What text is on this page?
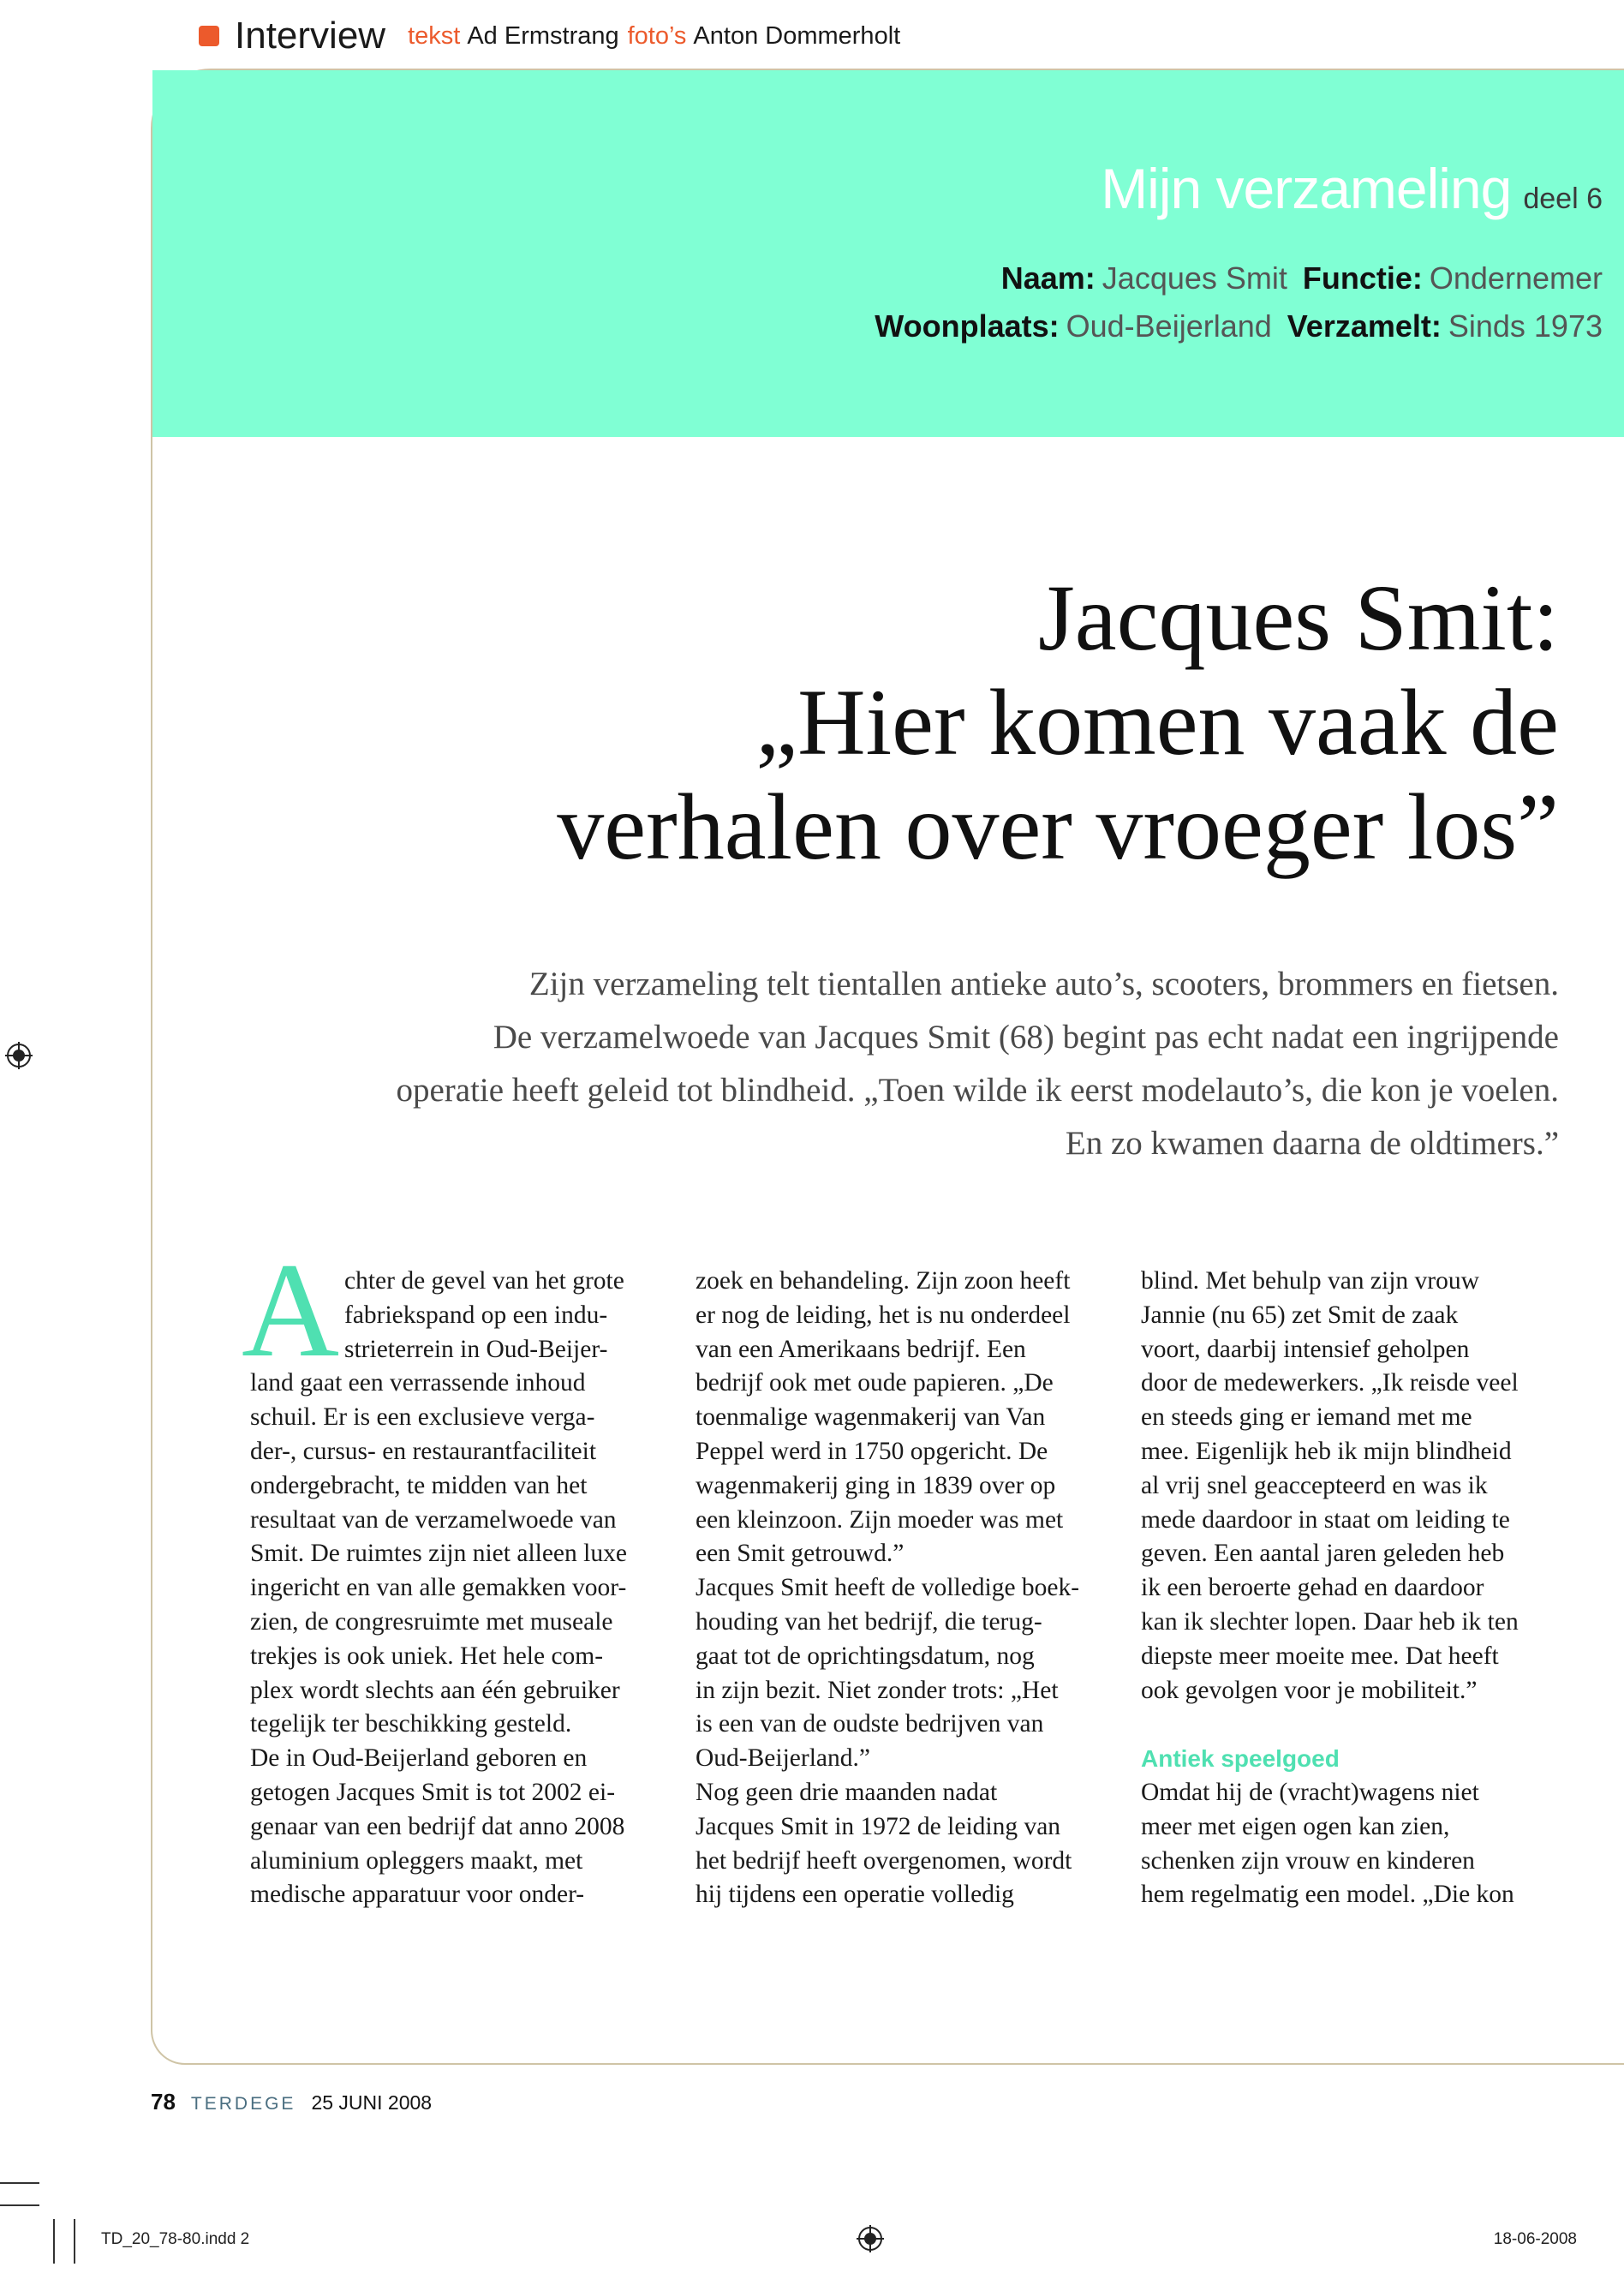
Interview tekst Ad Ermstrang foto’s Anton Dommerholt
Mijn verzameling deel 6
Naam: Jacques Smit Functie: Ondernemer
Woonplaats: Oud-Beijerland Verzamelt: Sinds 1973
Jacques Smit:
„Hier komen vaak de
verhalen over vroeger los”
Zijn verzameling telt tientallen antieke auto’s, scooters, brommers en fietsen.
De verzamelwoede van Jacques Smit (68) begint pas echt nadat een ingrijpende
operatie heeft geleid tot blindheid. „Toen wilde ik eerst modelauto’s, die kon je voelen.
En zo kwamen daarna de oldtimers.”
A chter de gevel van het grote
fabriekspand op een indu-
strieterrein in Oud-Beijer-
land gaat een verrassende inhoud
schuil. Er is een exclusieve verga-
der-, cursus- en restaurantfaciliteit
ondergebracht, te midden van het
resultaat van de verzamelwoede van
Smit. De ruimtes zijn niet alleen luxe
ingericht en van alle gemakken voor-
zien, de congresruimte met museale
trekjes is ook uniek. Het hele com-
plex wordt slechts aan één gebruiker
tegelijk ter beschikking gesteld.
De in Oud-Beijerland geboren en
getogen Jacques Smit is tot 2002 ei-
genaar van een bedrijf dat anno 2008
aluminium opleggers maakt, met
medische apparatuur voor onder-
zoek en behandeling. Zijn zoon heeft
er nog de leiding, het is nu onderdeel
van een Amerikaans bedrijf. Een
bedrijf ook met oude papieren. „De
toenmalige wagenmakerij van Van
Peppel werd in 1750 opgericht. De
wagenmakerij ging in 1839 over op
een kleinzoon. Zijn moeder was met
een Smit getrouwd.”
Jacques Smit heeft de volledige boek-
houding van het bedrijf, die terug-
gaat tot de oprichtingsdatum, nog
in zijn bezit. Niet zonder trots: „Het
is een van de oudste bedrijven van
Oud-Beijerland.”
Nog geen drie maanden nadat
Jacques Smit in 1972 de leiding van
het bedrijf heeft overgenomen, wordt
hij tijdens een operatie volledig
blind. Met behulp van zijn vrouw
Jannie (nu 65) zet Smit de zaak
voort, daarbij intensief geholpen
door de medewerkers. „Ik reisde veel
en steeds ging er iemand met me
mee. Eigenlijk heb ik mijn blindheid
al vrij snel geaccepteerd en was ik
mede daardoor in staat om leiding te
geven. Een aantal jaren geleden heb
ik een beroerte gehad en daardoor
kan ik slechter lopen. Daar heb ik ten
diepste meer moeite mee. Dat heeft
ook gevolgen voor je mobiliteit.”
Antiek speelgoed
Omdat hij de (vracht)wagens niet
meer met eigen ogen kan zien,
schenken zijn vrouw en kinderen
hem regelmatig een model. „Die kon
78 TERDEGE 25 JUNI 2008
TD_20_78-80.indd 2	18-06-2008
